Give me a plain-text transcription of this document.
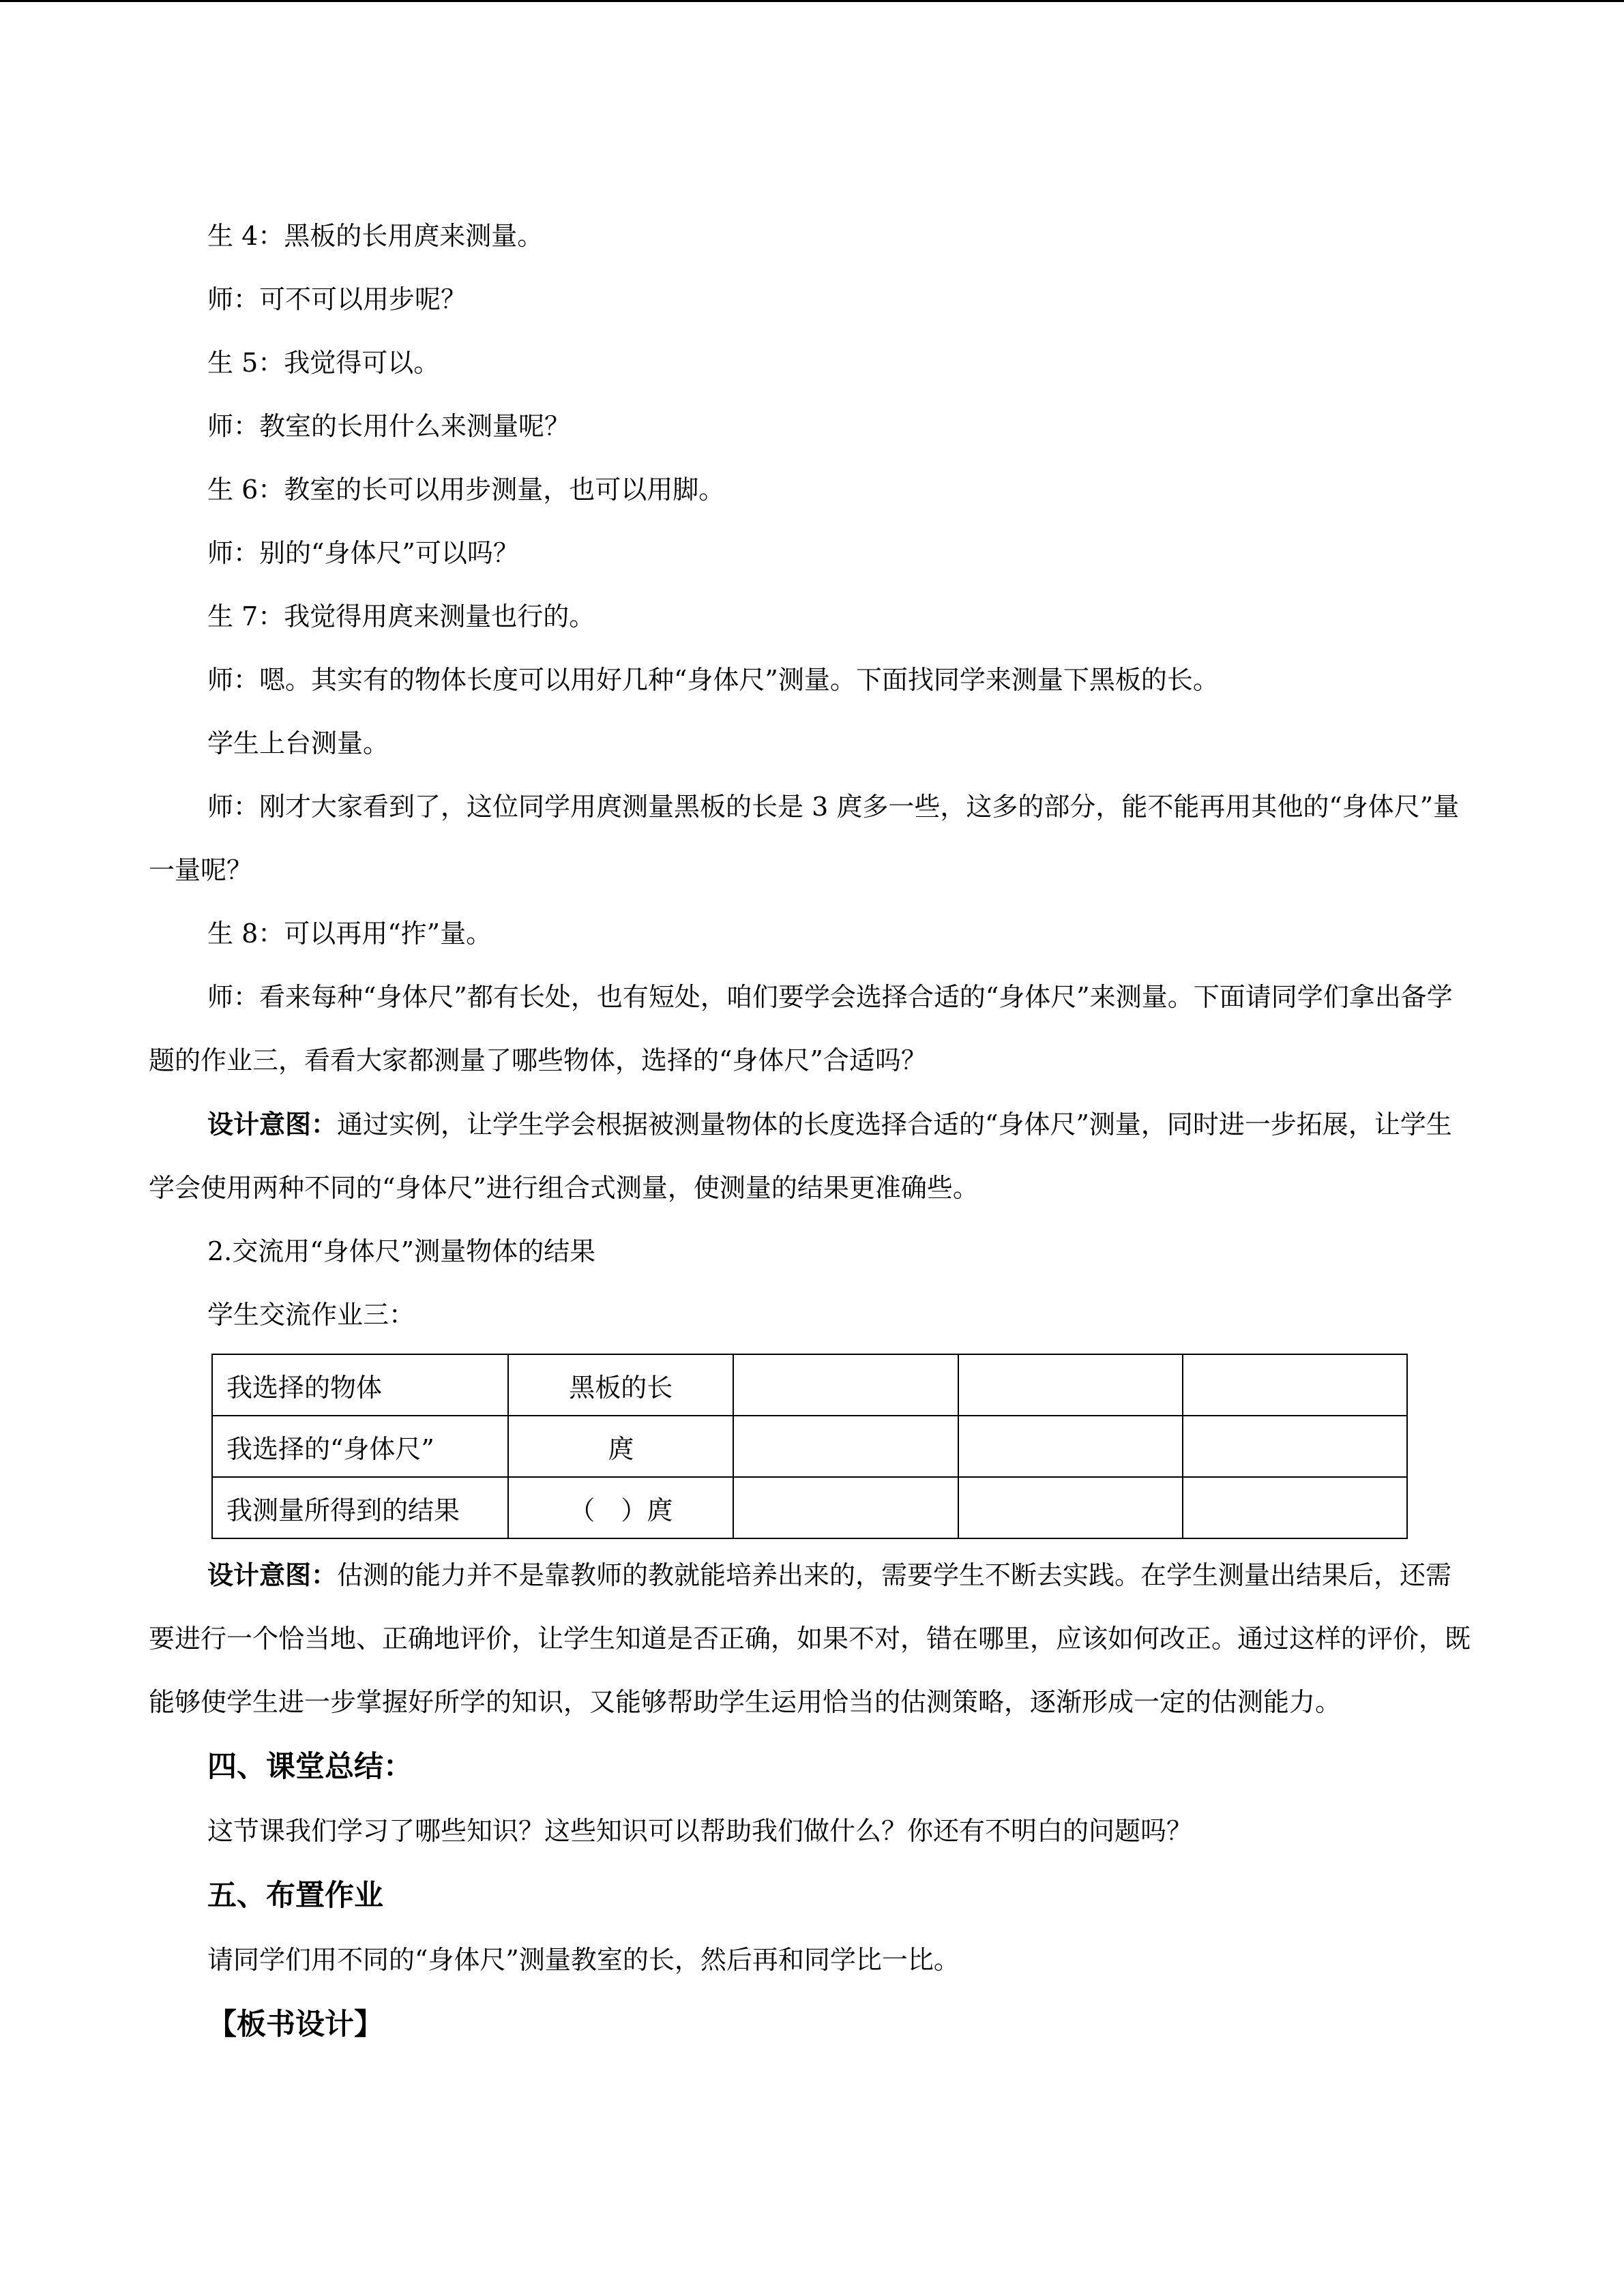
生 4：黑板的长用庹来测量。

师：可不可以用步呢？

生 5：我觉得可以。

师：教室的长用什么来测量呢？

生 6：教室的长可以用步测量，也可以用脚。

师：别的“身体尺”可以吗？

生 7：我觉得用庹来测量也行的。

师：嗯。其实有的物体长度可以用好几种“身体尺”测量。下面找同学来测量下黑板的长。

学生上台测量。

师：刚才大家看到了，这位同学用庹测量黑板的长是 3 庹多一些，这多的部分，能不能再用其他的“身体尺”量一量呢？

生 8：可以再用“拃”量。

师：看来每种“身体尺”都有长处，也有短处，咱们要学会选择合适的“身体尺”来测量。下面请同学们拿出备学题的作业三，看看大家都测量了哪些物体，选择的“身体尺”合适吗？

设计意图：通过实例，让学生学会根据被测量物体的长度选择合适的“身体尺”测量，同时进一步拓展，让学生学会使用两种不同的“身体尺”进行组合式测量，使测量的结果更准确些。

2.交流用“身体尺”测量物体的结果

学生交流作业三：

我选择的物体	黑板的长			
我选择的“身体尺”	庹			
我测量所得到的结果	（　）庹			

设计意图：估测的能力并不是靠教师的教就能培养出来的，需要学生不断去实践。在学生测量出结果后，还需要进行一个恰当地、正确地评价，让学生知道是否正确，如果不对，错在哪里，应该如何改正。通过这样的评价，既能够使学生进一步掌握好所学的知识，又能够帮助学生运用恰当的估测策略，逐渐形成一定的估测能力。

四、课堂总结：

这节课我们学习了哪些知识？这些知识可以帮助我们做什么？你还有不明白的问题吗？

五、布置作业

请同学们用不同的“身体尺”测量教室的长，然后再和同学比一比。

【板书设计】
